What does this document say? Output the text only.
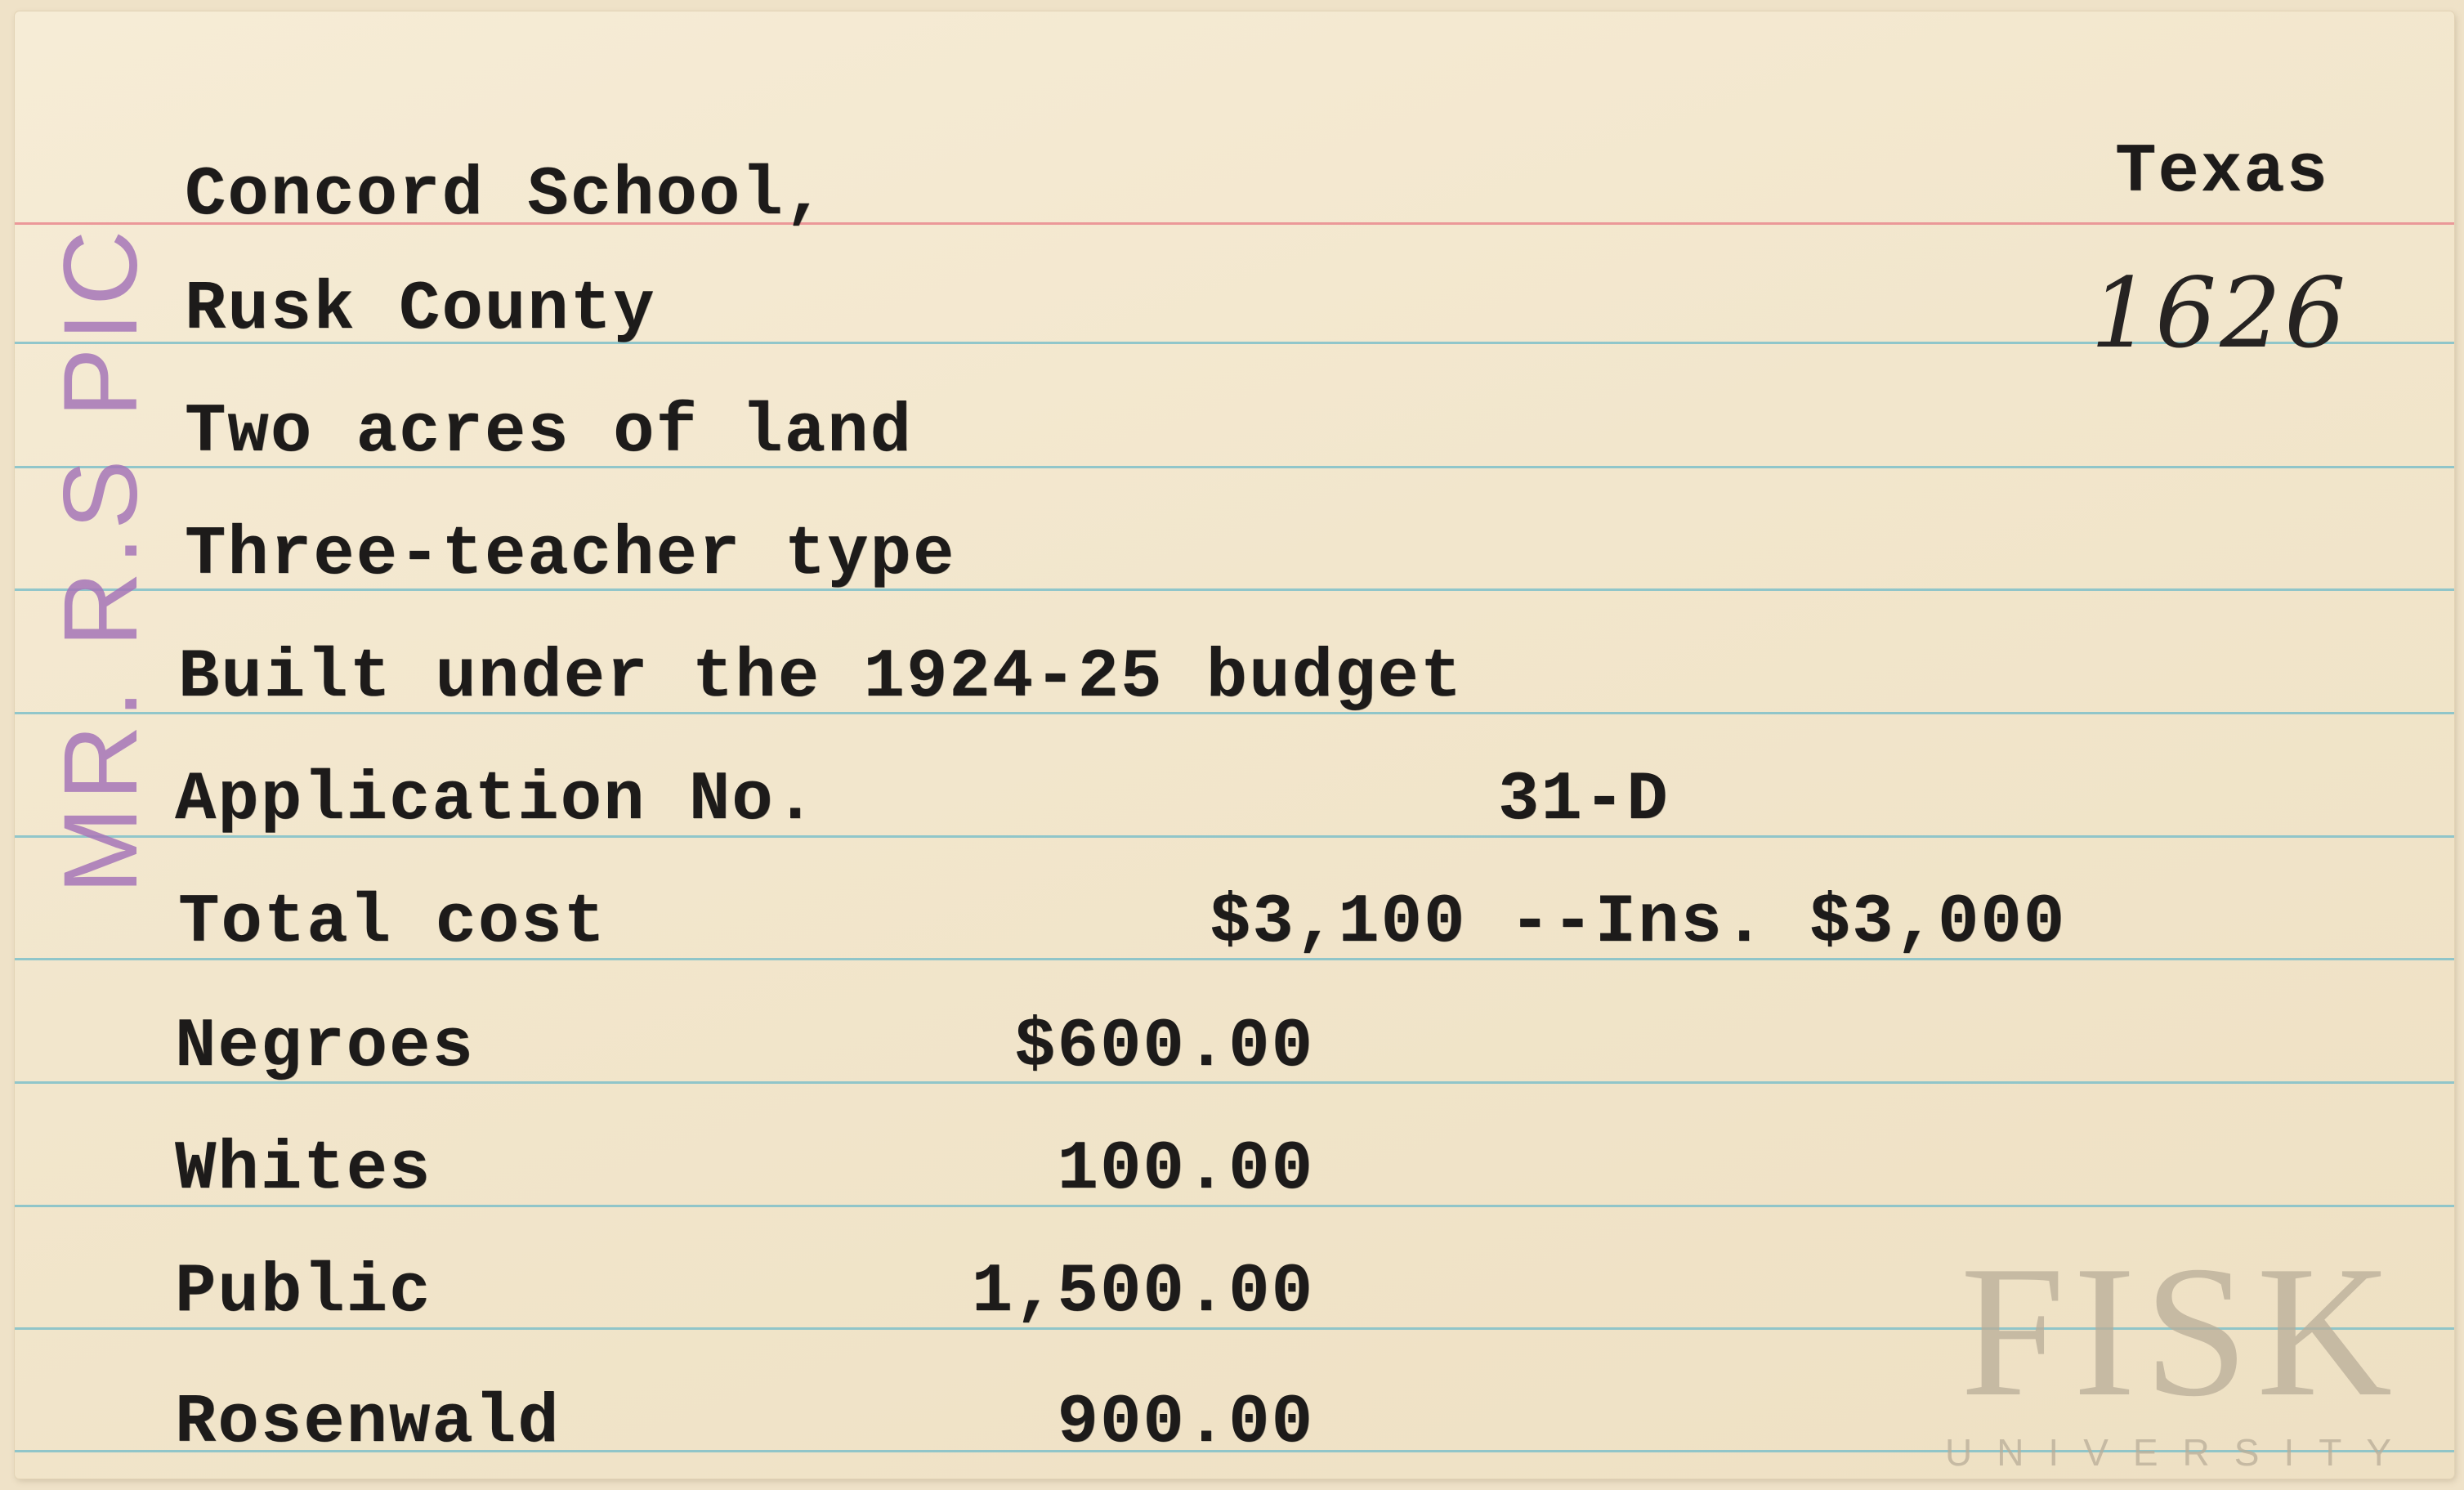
MR. R.S PIC
Texas
1626
Concord School,
Rusk County
Two acres of land
Three-teacher type
Built under the 1924-25 budget
Application No.	31-D
Total cost	$3,100 --Ins. $3,000
Negroes	$600.00
Whites	100.00
Public	1,500.00
Rosenwald	900.00	FISK
UNIVERSITY
